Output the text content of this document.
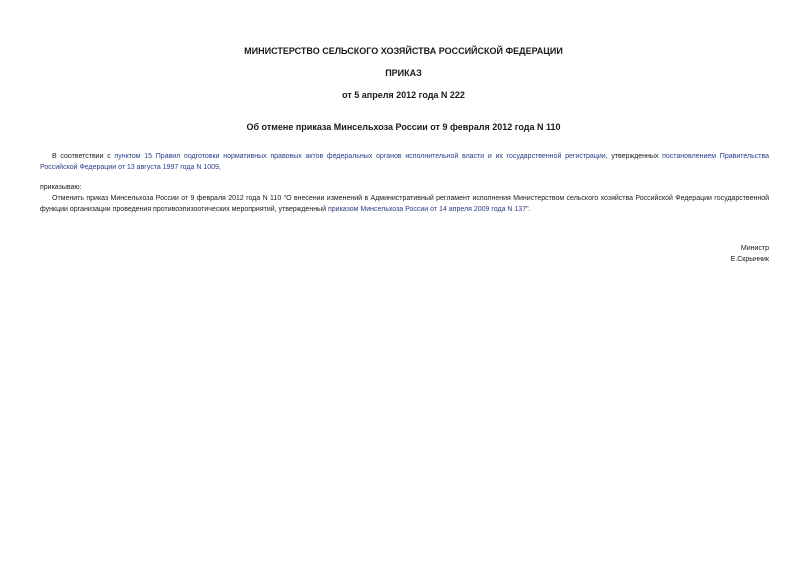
МИНИСТЕРСТВО СЕЛЬСКОГО ХОЗЯЙСТВА РОССИЙСКОЙ ФЕДЕРАЦИИ
ПРИКАЗ
от 5 апреля 2012 года N 222
Об отмене приказа Минсельхоза России от 9 февраля 2012 года N 110
В соответствии с пунктом 15 Правил подготовки нормативных правовых актов федеральных органов исполнительной власти и их государственной регистрации, утвержденных постановлением Правительства Российской Федерации от 13 августа 1997 года N 1009,
приказываю:
Отменить приказ Минсельхоза России от 9 февраля 2012 года N 110 "О внесении изменений в Административный регламент исполнения Министерством сельского хозяйства Российской Федерации государственной функции организации проведения противоэпизоотических мероприятий, утвержденный приказом Минсельхоза России от 14 апреля 2009 года N 137".
Министр
Е.Скрынник
